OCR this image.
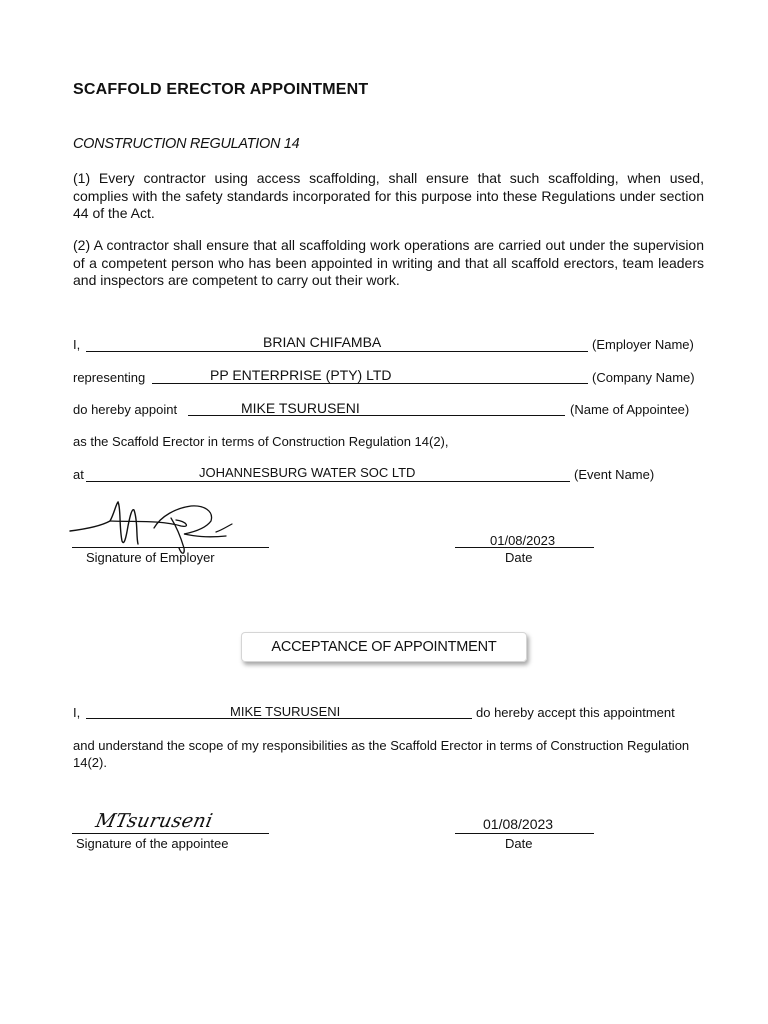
SCAFFOLD ERECTOR APPOINTMENT
CONSTRUCTION REGULATION 14
(1) Every contractor using access scaffolding, shall ensure that such scaffolding, when used, complies with the safety standards incorporated for this purpose into these Regulations under section 44 of the Act.
(2) A contractor shall ensure that all scaffolding work operations are carried out under the supervision of a competent person who has been appointed in writing and that all scaffold erectors, team leaders and inspectors are competent to carry out their work.
I,	BRIAN CHIFAMBA	(Employer Name)
representing	PP ENTERPRISE (PTY) LTD	(Company Name)
do hereby appoint	MIKE TSURUSENI	(Name of Appointee)
as the Scaffold Erector in terms of Construction Regulation 14(2),
at	JOHANNESBURG WATER SOC LTD	(Event Name)
Signature of Employer
01/08/2023
Date
ACCEPTANCE OF APPOINTMENT
I,	MIKE TSURUSENI	do hereby accept this appointment
and understand the scope of my responsibilities as the Scaffold Erector in terms of Construction Regulation 14(2).
MTsuruseni
Signature of the appointee
01/08/2023
Date
